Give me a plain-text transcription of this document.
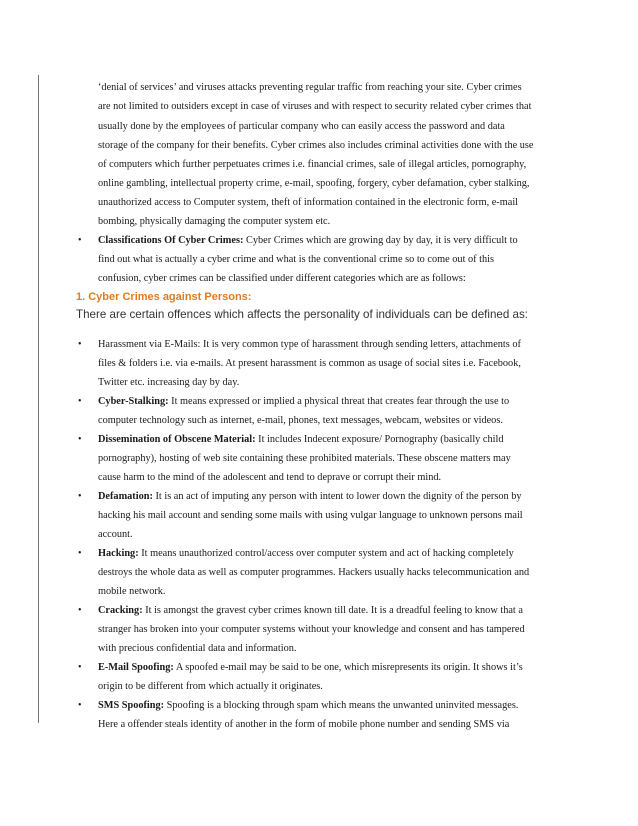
‘denial of services’ and viruses attacks preventing regular traffic from reaching your site. Cyber crimes
are not limited to outsiders except in case of viruses and with respect to security related cyber crimes that
usually done by the employees of particular company who can easily access the password and data
storage of the company for their benefits. Cyber crimes also includes criminal activities done with the use
of computers which further perpetuates crimes i.e. financial crimes, sale of illegal articles, pornography,
online gambling, intellectual property crime, e-mail, spoofing, forgery, cyber defamation, cyber stalking,
unauthorized access to Computer system, theft of information contained in the electronic form, e-mail
bombing, physically damaging the computer system etc.
• Classifications Of Cyber Crimes: Cyber Crimes which are growing day by day, it is very difficult to
find out what is actually a cyber crime and what is the conventional crime so to come out of this
confusion, cyber crimes can be classified under different categories which are as follows:
1. Cyber Crimes against Persons:
There are certain offences which affects the personality of individuals can be defined as:
• Harassment via E-Mails: It is very common type of harassment through sending letters, attachments of
files & folders i.e. via e-mails. At present harassment is common as usage of social sites i.e. Facebook,
Twitter etc. increasing day by day.
• Cyber-Stalking: It means expressed or implied a physical threat that creates fear through the use to
computer technology such as internet, e-mail, phones, text messages, webcam, websites or videos.
• Dissemination of Obscene Material: It includes Indecent exposure/ Pornography (basically child
pornography), hosting of web site containing these prohibited materials. These obscene matters may
cause harm to the mind of the adolescent and tend to deprave or corrupt their mind.
• Defamation: It is an act of imputing any person with intent to lower down the dignity of the person by
hacking his mail account and sending some mails with using vulgar language to unknown persons mail
account.
• Hacking: It means unauthorized control/access over computer system and act of hacking completely
destroys the whole data as well as computer programmes. Hackers usually hacks telecommunication and
mobile network.
• Cracking: It is amongst the gravest cyber crimes known till date. It is a dreadful feeling to know that a
stranger has broken into your computer systems without your knowledge and consent and has tampered
with precious confidential data and information.
• E-Mail Spoofing: A spoofed e-mail may be said to be one, which misrepresents its origin. It shows it’s
origin to be different from which actually it originates.
• SMS Spoofing: Spoofing is a blocking through spam which means the unwanted uninvited messages.
Here a offender steals identity of another in the form of mobile phone number and sending SMS via
